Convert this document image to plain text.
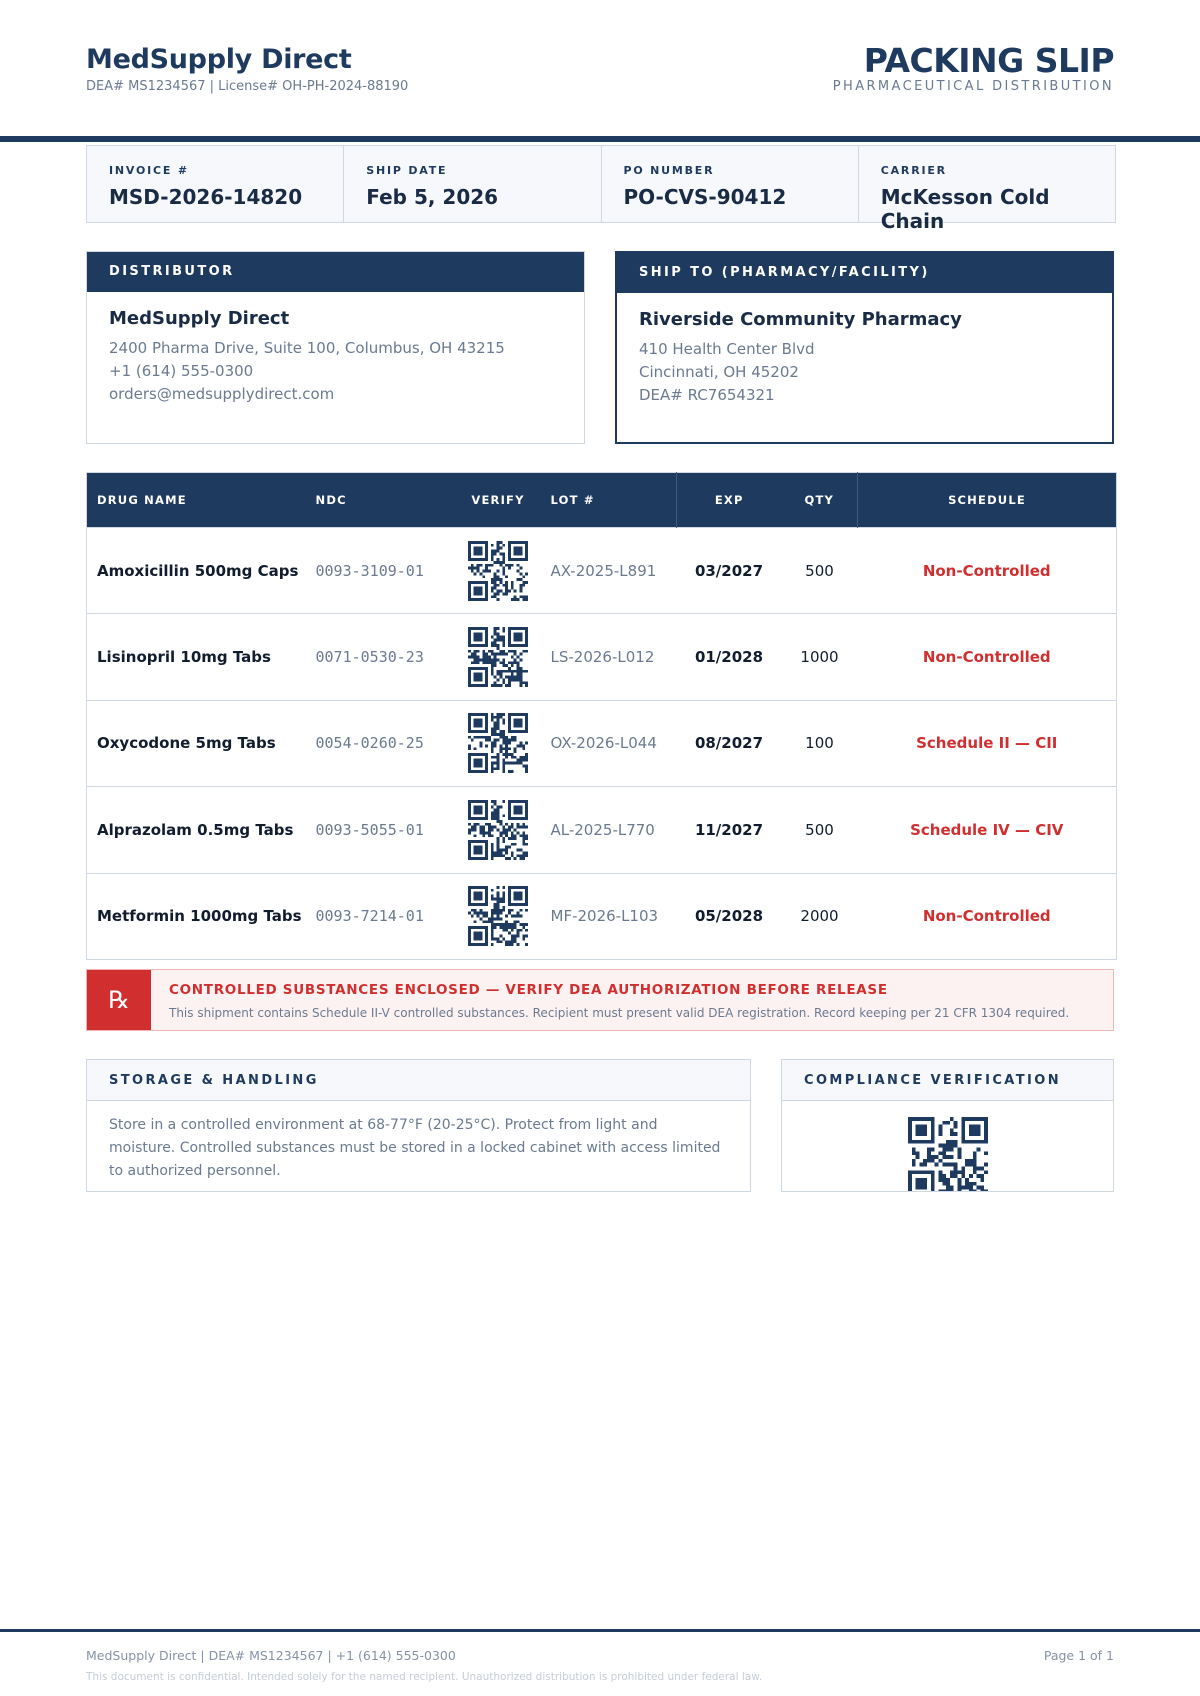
MedSupply Direct
DEA# MS1234567 | License# OH-PH-2024-88190
PACKING SLIP
PHARMACEUTICAL DISTRIBUTION
INVOICE #
MSD-2026-14820
SHIP DATE
Feb 5, 2026
PO NUMBER
PO-CVS-90412
CARRIER
McKesson Cold Chain
DISTRIBUTOR
MedSupply Direct
2400 Pharma Drive, Suite 100, Columbus, OH 43215
+1 (614) 555-0300
orders@medsupplydirect.com
SHIP TO (PHARMACY/FACILITY)
Riverside Community Pharmacy
410 Health Center Blvd
Cincinnati, OH 45202
DEA# RC7654321
DRUG NAME	NDC	VERIFY	LOT #	EXP	QTY	SCHEDULE
Amoxicillin 500mg Caps	0093-3109-01		AX-2025-L891	03/2027	500	Non-Controlled
Lisinopril 10mg Tabs	0071-0530-23		LS-2026-L012	01/2028	1000	Non-Controlled
Oxycodone 5mg Tabs	0054-0260-25		OX-2026-L044	08/2027	100	Schedule II — CII
Alprazolam 0.5mg Tabs	0093-5055-01		AL-2025-L770	11/2027	500	Schedule IV — CIV
Metformin 1000mg Tabs	0093-7214-01		MF-2026-L103	05/2028	2000	Non-Controlled
℞	CONTROLLED SUBSTANCES ENCLOSED — VERIFY DEA AUTHORIZATION BEFORE RELEASE
This shipment contains Schedule II-V controlled substances. Recipient must present valid DEA registration. Record keeping per 21 CFR 1304 required.
STORAGE & HANDLING
Store in a controlled environment at 68-77°F (20-25°C). Protect from light and moisture. Controlled substances must be stored in a locked cabinet with access limited to authorized personnel.
COMPLIANCE VERIFICATION
MedSupply Direct | DEA# MS1234567 | +1 (614) 555-0300	Page 1 of 1
This document is confidential. Intended solely for the named recipient. Unauthorized distribution is prohibited under federal law.
